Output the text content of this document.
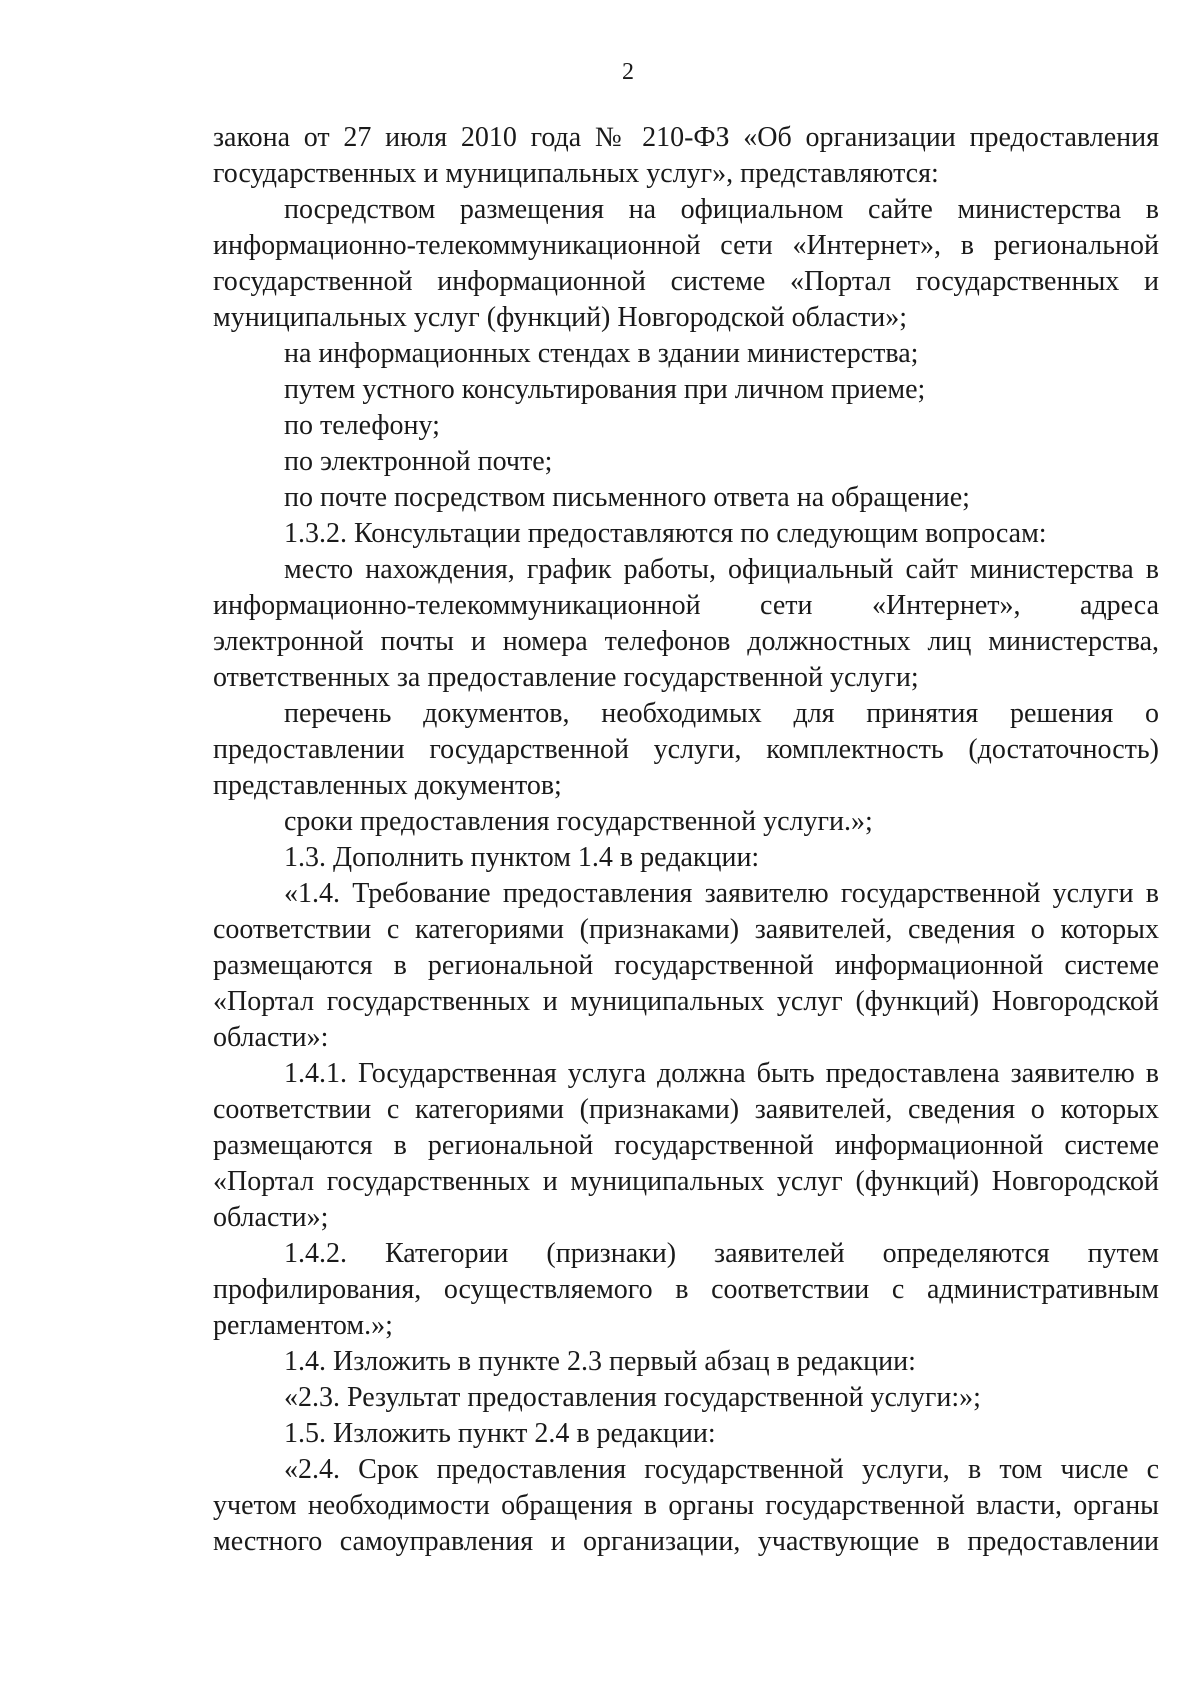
2

закона от 27 июля 2010 года № 210-ФЗ «Об организации предоставления государственных и муниципальных услуг», представляются:

посредством размещения на официальном сайте министерства в информационно-телекоммуникационной сети «Интернет», в региональной государственной информационной системе «Портал государственных и муниципальных услуг (функций) Новгородской области»;

на информационных стендах в здании министерства;

путем устного консультирования при личном приеме;

по телефону;

по электронной почте;

по почте посредством письменного ответа на обращение;

1.3.2. Консультации предоставляются по следующим вопросам:

место нахождения, график работы, официальный сайт министерства в информационно-телекоммуникационной сети «Интернет», адреса электронной почты и номера телефонов должностных лиц министерства, ответственных за предоставление государственной услуги;

перечень документов, необходимых для принятия решения о предоставлении государственной услуги, комплектность (достаточность) представленных документов;

сроки предоставления государственной услуги.»;

1.3. Дополнить пунктом 1.4 в редакции:

«1.4. Требование предоставления заявителю государственной услуги в соответствии с категориями (признаками) заявителей, сведения о которых размещаются в региональной государственной информационной системе «Портал государственных и муниципальных услуг (функций) Новгородской области»:

1.4.1. Государственная услуга должна быть предоставлена заявителю в соответствии с категориями (признаками) заявителей, сведения о которых размещаются в региональной государственной информационной системе «Портал государственных и муниципальных услуг (функций) Новгородской области»;

1.4.2. Категории (признаки) заявителей определяются путем профилирования, осуществляемого в соответствии с административным регламентом.»;

1.4. Изложить в пункте 2.3 первый абзац в редакции:

«2.3. Результат предоставления государственной услуги:»;

1.5. Изложить пункт 2.4 в редакции:

«2.4. Срок предоставления государственной услуги, в том числе с учетом необходимости обращения в органы государственной власти, органы местного самоуправления и организации, участвующие в предоставлении
